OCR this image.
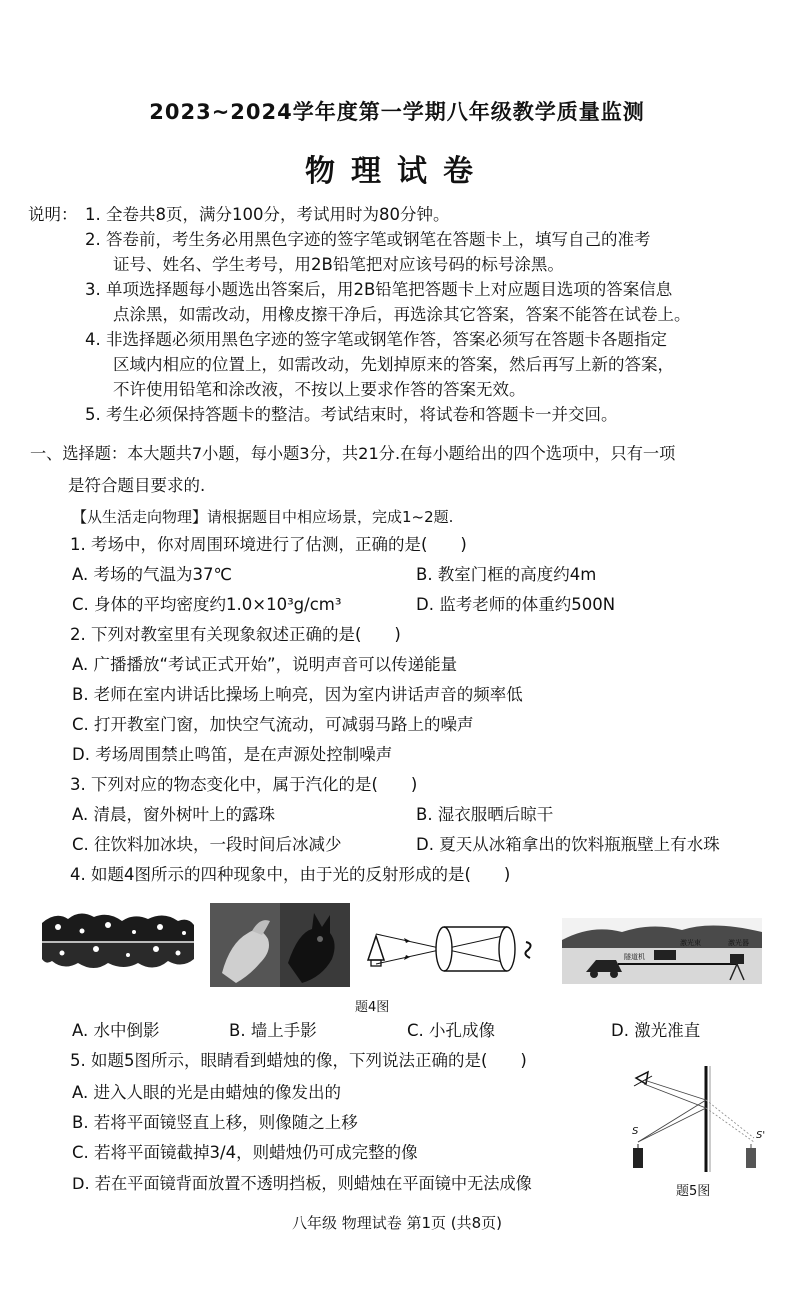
2023~2024学年度第一学期八年级教学质量监测
物理试卷
说明： 1. 全卷共8页，满分100分，考试用时为80分钟。
2. 答卷前，考生务必用黑色字迹的签字笔或钢笔在答题卡上，填写自己的准考
证号、姓名、学生考号，用2B铅笔把对应该号码的标号涂黑。
3. 单项选择题每小题选出答案后，用2B铅笔把答题卡上对应题目选项的答案信息
点涂黑，如需改动，用橡皮擦干净后，再选涂其它答案，答案不能答在试卷上。
4. 非选择题必须用黑色字迹的签字笔或钢笔作答，答案必须写在答题卡各题指定
区域内相应的位置上，如需改动，先划掉原来的答案，然后再写上新的答案，
不许使用铅笔和涂改液，不按以上要求作答的答案无效。
5. 考生必须保持答题卡的整洁。考试结束时，将试卷和答题卡一并交回。
一、选择题：本大题共7小题，每小题3分，共21分.在每小题给出的四个选项中，只有一项
是符合题目要求的.
【从生活走向物理】请根据题目中相应场景，完成1~2题.
1. 考场中，你对周围环境进行了估测，正确的是(　　)
A. 考场的气温为37℃	B. 教室门框的高度约4m
C. 身体的平均密度约1.0×10³g/cm³	D. 监考老师的体重约500N
2. 下列对教室里有关现象叙述正确的是(　　)
A. 广播播放“考试正式开始”，说明声音可以传递能量
B. 老师在室内讲话比操场上响亮，因为室内讲话声音的频率低
C. 打开教室门窗，加快空气流动，可减弱马路上的噪声
D. 考场周围禁止鸣笛，是在声源处控制噪声
3. 下列对应的物态变化中，属于汽化的是(　　)
A. 清晨，窗外树叶上的露珠	B. 湿衣服晒后晾干
C. 往饮料加冰块，一段时间后冰减少	D. 夏天从冰箱拿出的饮料瓶瓶壁上有水珠
4. 如题4图所示的四种现象中，由于光的反射形成的是(　　)
隧道机
激光束	激光器
题4图
A. 水中倒影	B. 墙上手影	C. 小孔成像	D. 激光准直
5. 如题5图所示，眼睛看到蜡烛的像，下列说法正确的是(　　)
A. 进入人眼的光是由蜡烛的像发出的
B. 若将平面镜竖直上移，则像随之上移
C. 若将平面镜截掉3/4，则蜡烛仍可成完整的像
D. 若在平面镜背面放置不透明挡板，则蜡烛在平面镜中无法成像
S	S'
题5图
八年级 物理试卷 第1页 (共8页)
